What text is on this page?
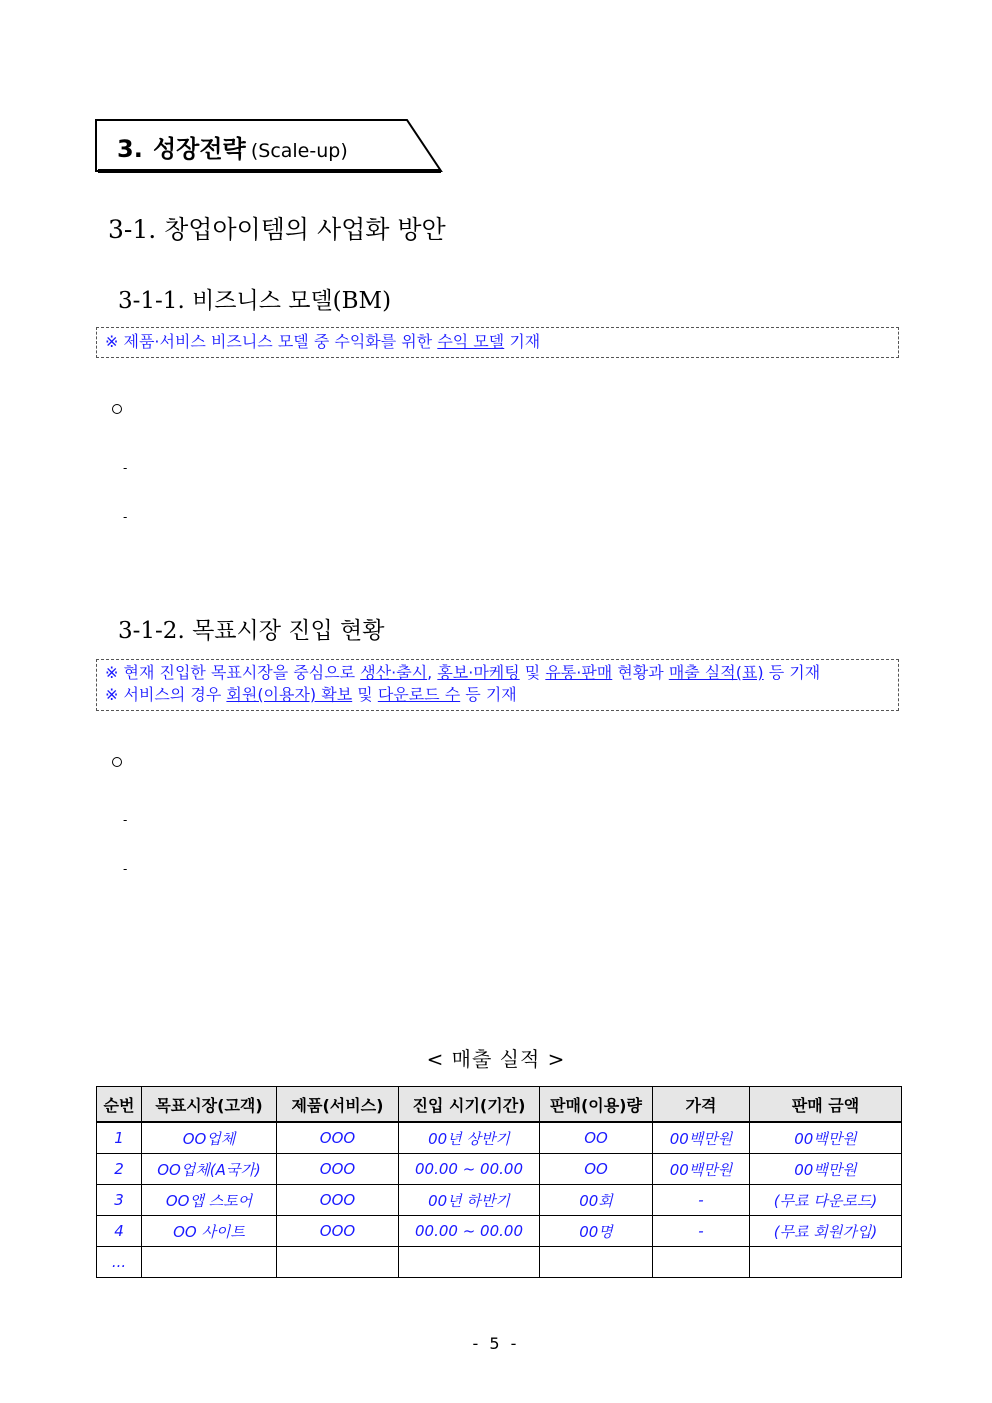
3. 성장전략 (Scale-up)
3-1. 창업아이템의 사업화 방안
3-1-1. 비즈니스 모델(BM)
※ 제품·서비스 비즈니스 모델 중 수익화를 위한 수익 모델 기재
-
-
3-1-2. 목표시장 진입 현황
※ 현재 진입한 목표시장을 중심으로 생산·출시, 홍보·마케팅 및 유통·판매 현황과 매출 실적(표) 등 기재
※ 서비스의 경우 회원(이용자) 확보 및 다운로드 수 등 기재
-
-
< 매출 실적 >
순번	목표시장(고객)	제품(서비스)	진입 시기(기간)	판매(이용)량	가격	판매 금액
1	OO업체	OOO	00년 상반기	OO	00백만원	00백만원
2	OO업체(A국가)	OOO	00.00 ~ 00.00	OO	00백만원	00백만원
3	OO앱 스토어	OOO	00년 하반기	00회	-	(무료 다운로드)
4	OO 사이트	OOO	00.00 ~ 00.00	00명	-	(무료 회원가입)
...						
- 5 -
